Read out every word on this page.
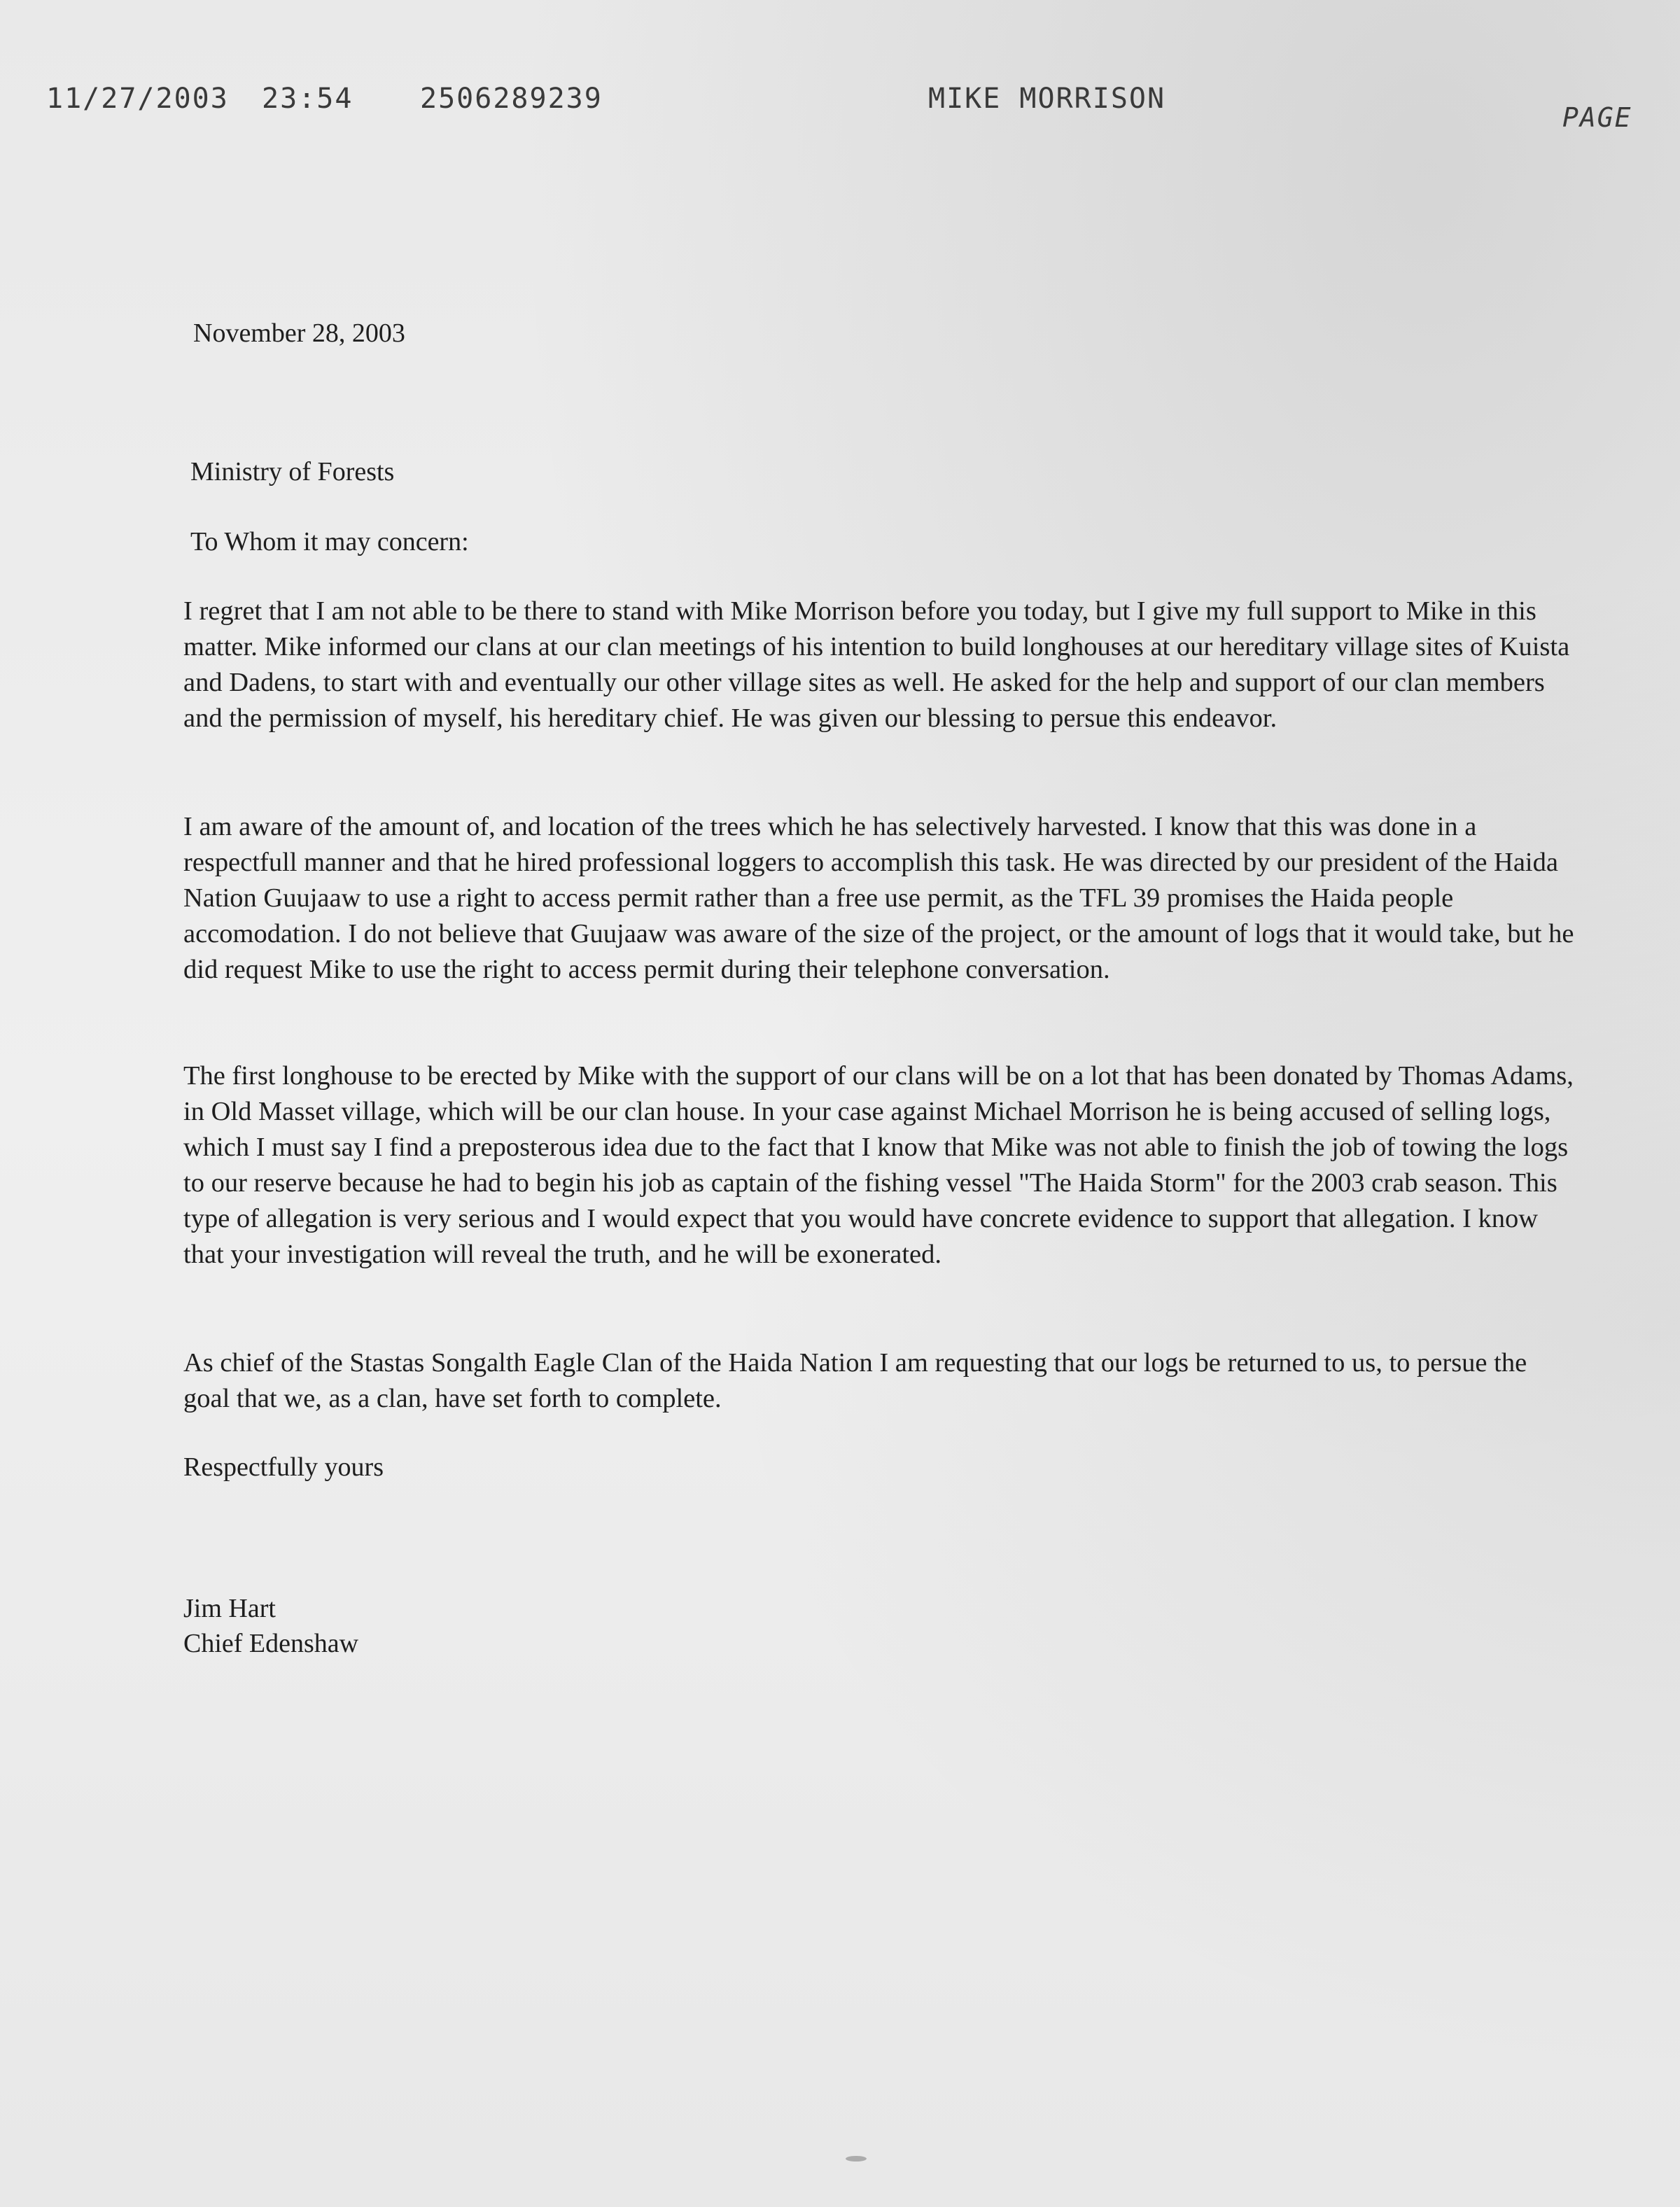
11/27/2003 23:54 2506289239	MIKE MORRISON
PAGE
November 28, 2003
Ministry of Forests
To Whom it may concern:
I regret that I am not able to be there to stand with Mike Morrison before you today, but I give my full support to Mike in this matter. Mike informed our clans at our clan meetings of his intention to build longhouses at our hereditary village sites of Kuista and Dadens, to start with and eventually our other village sites as well. He asked for the help and support of our clan members and the permission of myself, his hereditary chief. He was given our blessing to persue this endeavor.
I am aware of the amount of, and location of the trees which he has selectively harvested. I know that this was done in a respectfull manner and that he hired professional loggers to accomplish this task. He was directed by our president of the Haida Nation Guujaaw to use a right to access permit rather than a free use permit, as the TFL 39 promises the Haida people accomodation. I do not believe that Guujaaw was aware of the size of the project, or the amount of logs that it would take, but he did request Mike to use the right to access permit during their telephone conversation.
The first longhouse to be erected by Mike with the support of our clans will be on a lot that has been donated by Thomas Adams, in Old Masset village, which will be our clan house. In your case against Michael Morrison he is being accused of selling logs, which I must say I find a preposterous idea due to the fact that I know that Mike was not able to finish the job of towing the logs to our reserve because he had to begin his job as captain of the fishing vessel "The Haida Storm" for the 2003 crab season. This type of allegation is very serious and I would expect that you would have concrete evidence to support that allegation. I know that your investigation will reveal the truth, and he will be exonerated.
As chief of the Stastas Songalth Eagle Clan of the Haida Nation I am requesting that our logs be returned to us, to persue the goal that we, as a clan, have set forth to complete.
Respectfully yours
Jim Hart
Chief Edenshaw
